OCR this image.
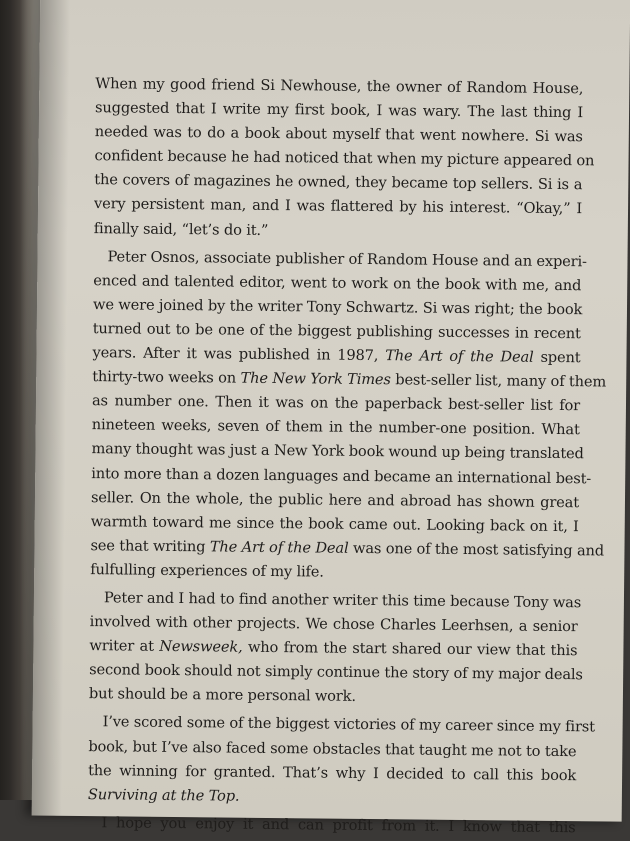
When my good friend Si Newhouse, the owner of Random House,
suggested that I write my first book, I was wary. The last thing I
needed was to do a book about myself that went nowhere. Si was
confident because he had noticed that when my picture appeared on
the covers of magazines he owned, they became top sellers. Si is a
very persistent man, and I was flattered by his interest. “Okay,” I
finally said, “let’s do it.”
Peter Osnos, associate publisher of Random House and an experi-
enced and talented editor, went to work on the book with me, and
we were joined by the writer Tony Schwartz. Si was right; the book
turned out to be one of the biggest publishing successes in recent
years. After it was published in 1987, The Art of the Deal spent
thirty-two weeks on The New York Times best-seller list, many of them
as number one. Then it was on the paperback best-seller list for
nineteen weeks, seven of them in the number-one position. What
many thought was just a New York book wound up being translated
into more than a dozen languages and became an international best-
seller. On the whole, the public here and abroad has shown great
warmth toward me since the book came out. Looking back on it, I
see that writing The Art of the Deal was one of the most satisfying and
fulfulling experiences of my life.
Peter and I had to find another writer this time because Tony was
involved with other projects. We chose Charles Leerhsen, a senior
writer at Newsweek, who from the start shared our view that this
second book should not simply continue the story of my major deals
but should be a more personal work.
I’ve scored some of the biggest victories of my career since my first
book, but I’ve also faced some obstacles that taught me not to take
the winning for granted. That’s why I decided to call this book
Surviving at the Top.
I hope you enjoy it and can profit from it. I know that this
